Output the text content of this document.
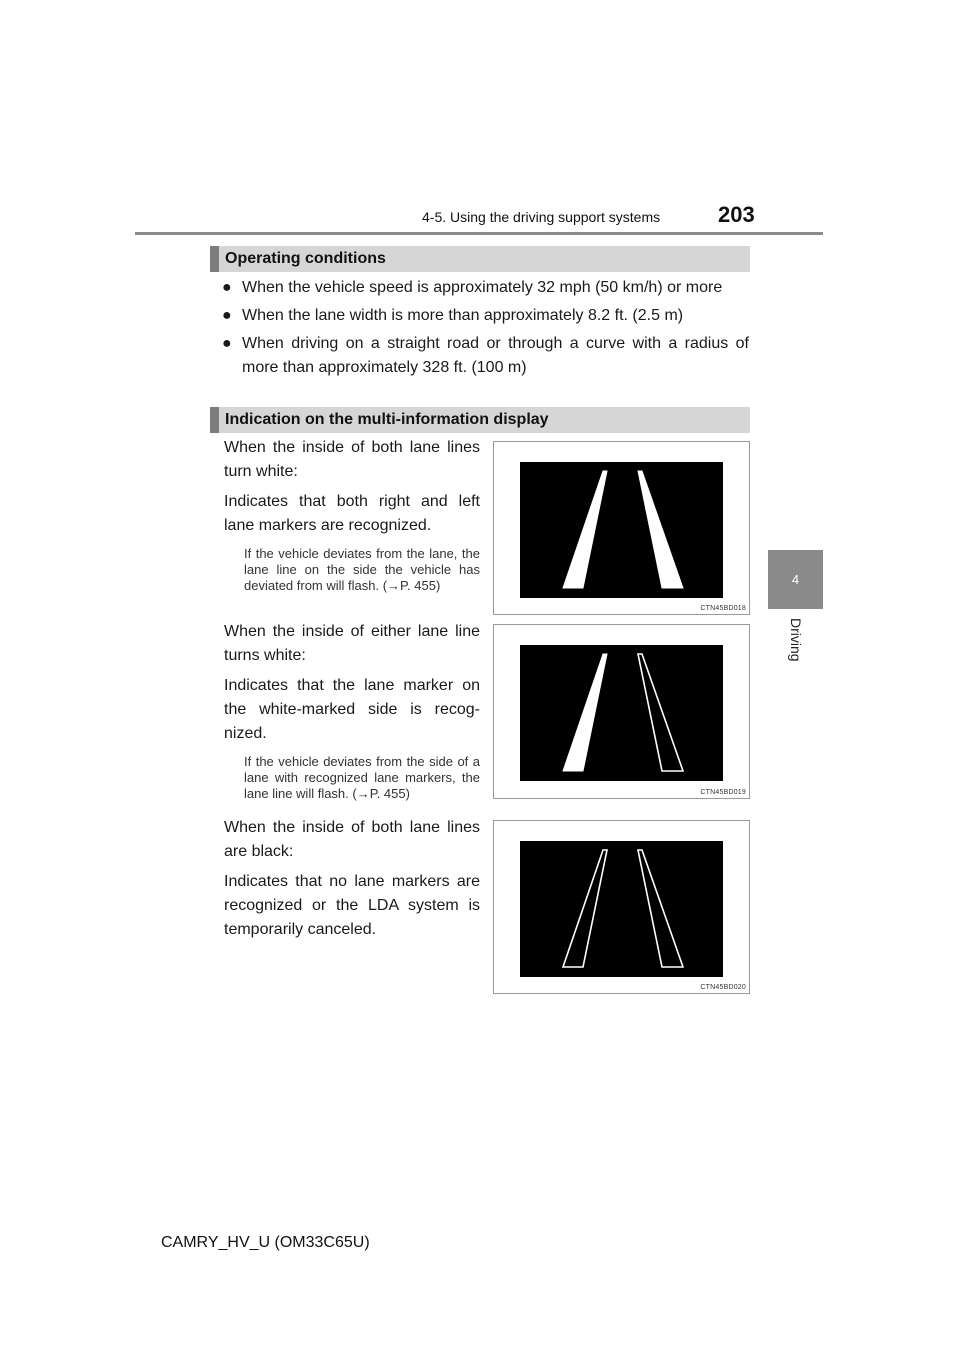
4-5. Using the driving support systems	203
4
Driving
Operating conditions
● When the vehicle speed is approximately 32 mph (50 km/h) or more
● When the lane width is more than approximately 8.2 ft. (2.5 m)
● When driving on a straight road or through a curve with a radius of more than approximately 328 ft. (100 m)
Indication on the multi-information display

When the inside of both lane lines turn white:

Indicates that both right and left lane markers are recognized.

If the vehicle deviates from the lane, the lane line on the side the vehicle has deviated from will flash. (→P. 455)

CTN45BD018

When the inside of either lane line turns white:

Indicates that the lane marker on the white-marked side is recog-nized.

If the vehicle deviates from the side of a lane with recognized lane markers, the lane line will flash. (→P. 455)	CTN45BD019

When the inside of both lane lines are black:

Indicates that no lane markers are recognized or the LDA system is temporarily canceled.

CTN45BD020
CAMRY_HV_U (OM33C65U)
